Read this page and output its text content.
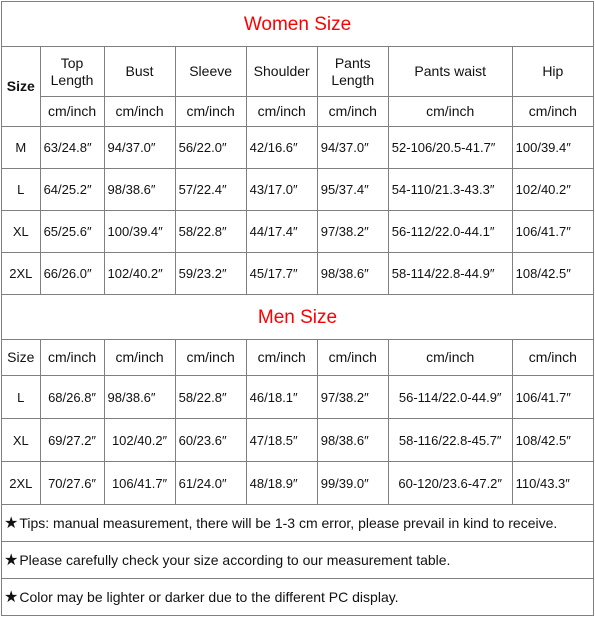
Women Size							
Size	Top Length	Bust	Sleeve	Shoulder	Pants Length	Pants waist	Hip
	cm/inch	cm/inch	cm/inch	cm/inch	cm/inch	cm/inch	cm/inch
M	63/24.8″	94/37.0″	56/22.0″	42/16.6″	94/37.0″	52-106/20.5-41.7″	100/39.4″
L	64/25.2″	98/38.6″	57/22.4″	43/17.0″	95/37.4″	54-110/21.3-43.3″	102/40.2″
XL	65/25.6″	100/39.4″	58/22.8″	44/17.4″	97/38.2″	56-112/22.0-44.1″	106/41.7″
2XL	66/26.0″	102/40.2″	59/23.2″	45/17.7″	98/38.6″	58-114/22.8-44.9″	108/42.5″
Men Size							
Size	cm/inch	cm/inch	cm/inch	cm/inch	cm/inch	cm/inch	cm/inch
L	68/26.8″	98/38.6″	58/22.8″	46/18.1″	97/38.2″	56-114/22.0-44.9″	106/41.7″
XL	69/27.2″	102/40.2″	60/23.6″	47/18.5″	98/38.6″	58-116/22.8-45.7″	108/42.5″
2XL	70/27.6″	106/41.7″	61/24.0″	48/18.9″	99/39.0″	60-120/23.6-47.2″	110/43.3″
★Tips: manual measurement, there will be 1-3 cm error, please prevail in kind to receive.							
★Please carefully check your size according to our measurement table.							
★Color may be lighter or darker due to the different PC display.							
